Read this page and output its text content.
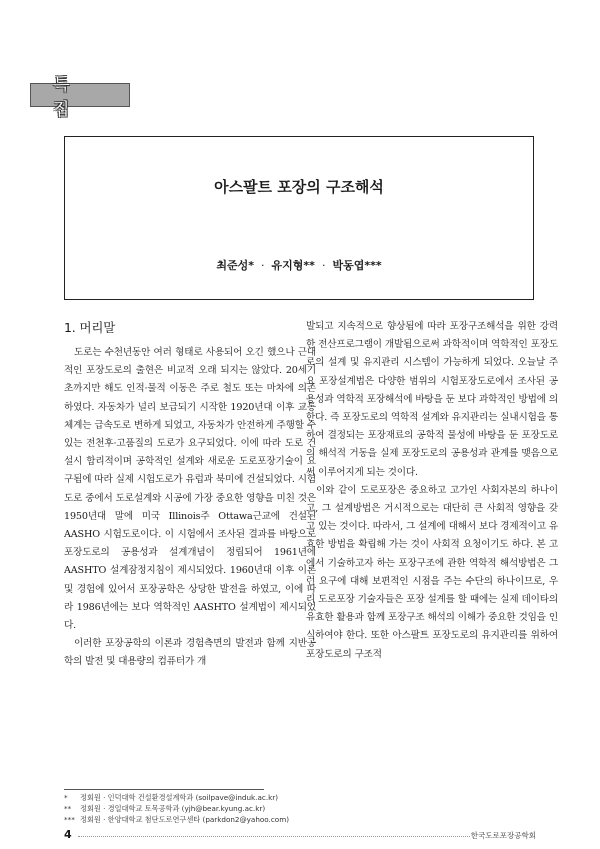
특집
아스팔트 포장의 구조해석
최준성* · 유지형** · 박동엽***
1. 머리말

도로는 수천년동안 여러 형태로 사용되어 오긴 했으나 근대적인 포장도로의 출현은 비교적 오래 되지는 않았다. 20세기 초까지만 해도 인적·물적 이동은 주로 철도 또는 마차에 의존하였다. 자동차가 널리 보급되기 시작한 1920년대 이후 교통체계는 급속도로 변하게 되었고, 자동차가 안전하게 주행할 수 있는 전천후·고품질의 도로가 요구되었다. 이에 따라 도로 건설시 합리적이며 공학적인 설계와 새로운 도로포장기술이 요구됨에 따라 실제 시험도로가 유럽과 북미에 건설되었다. 시험도로 중에서 도로설계와 시공에 가장 중요한 영향을 미친 것은 1950년대 말에 미국 Illinois주 Ottawa근교에 건설된 AASHO 시험도로이다. 이 시험에서 조사된 결과를 바탕으로 포장도로의 공용성과 설계개념이 정립되어 1961년에 AASHTO 설계잠정지침이 제시되었다. 1960년대 이후 이론 및 경험에 있어서 포장공학은 상당한 발전을 하였고, 이에 따라 1986년에는 보다 역학적인 AASHTO 설계법이 제시되었다.

이러한 포장공학의 이론과 경험측면의 발전과 함께 지반공학의 발전 및 대용량의 컴퓨터가 개

발되고 지속적으로 향상됨에 따라 포장구조해석을 위한 강력한 전산프로그램이 개발됨으로써 과학적이며 역학적인 포장도로의 설계 및 유지관리 시스템이 가능하게 되었다. 오늘날 주요 포장설계법은 다양한 범위의 시험포장도로에서 조사된 공용성과 역학적 포장해석에 바탕을 둔 보다 과학적인 방법에 의한다. 즉 포장도로의 역학적 설계와 유지관리는 실내시험을 통하여 결정되는 포장재료의 공학적 물성에 바탕을 둔 포장도로의 해석적 거동을 실제 포장도로의 공용성과 관계를 맺음으로써 이루어지게 되는 것이다.

이와 같이 도로포장은 중요하고 고가인 사회자본의 하나이고, 그 설계방법은 거시적으로는 대단히 큰 사회적 영향을 갖고 있는 것이다. 따라서, 그 설계에 대해서 보다 경제적이고 유효한 방법을 확립해 가는 것이 사회적 요청이기도 하다. 본 고에서 기술하고자 하는 포장구조에 관한 역학적 해석방법은 그런 요구에 대해 보편적인 시점을 주는 수단의 하나이므로, 우리 도로포장 기술자들은 포장 설계를 할 때에는 실제 데이타의 유효한 활용과 함께 포장구조 해석의 이해가 중요한 것임을 인식하여야 한다. 또한 아스팔트 포장도로의 유지관리를 위하여 포장도로의 구조적

* 정회원 · 인덕대학 건설환경설계학과 (soilpave@induk.ac.kr)
** 정회원 · 경일대학교 토목공학과 (yjh@bear.kyung.ac.kr)
*** 정회원 · 한양대학교 첨단도로연구센타 (parkdon2@yahoo.com)
4	한국도로포장공학회
